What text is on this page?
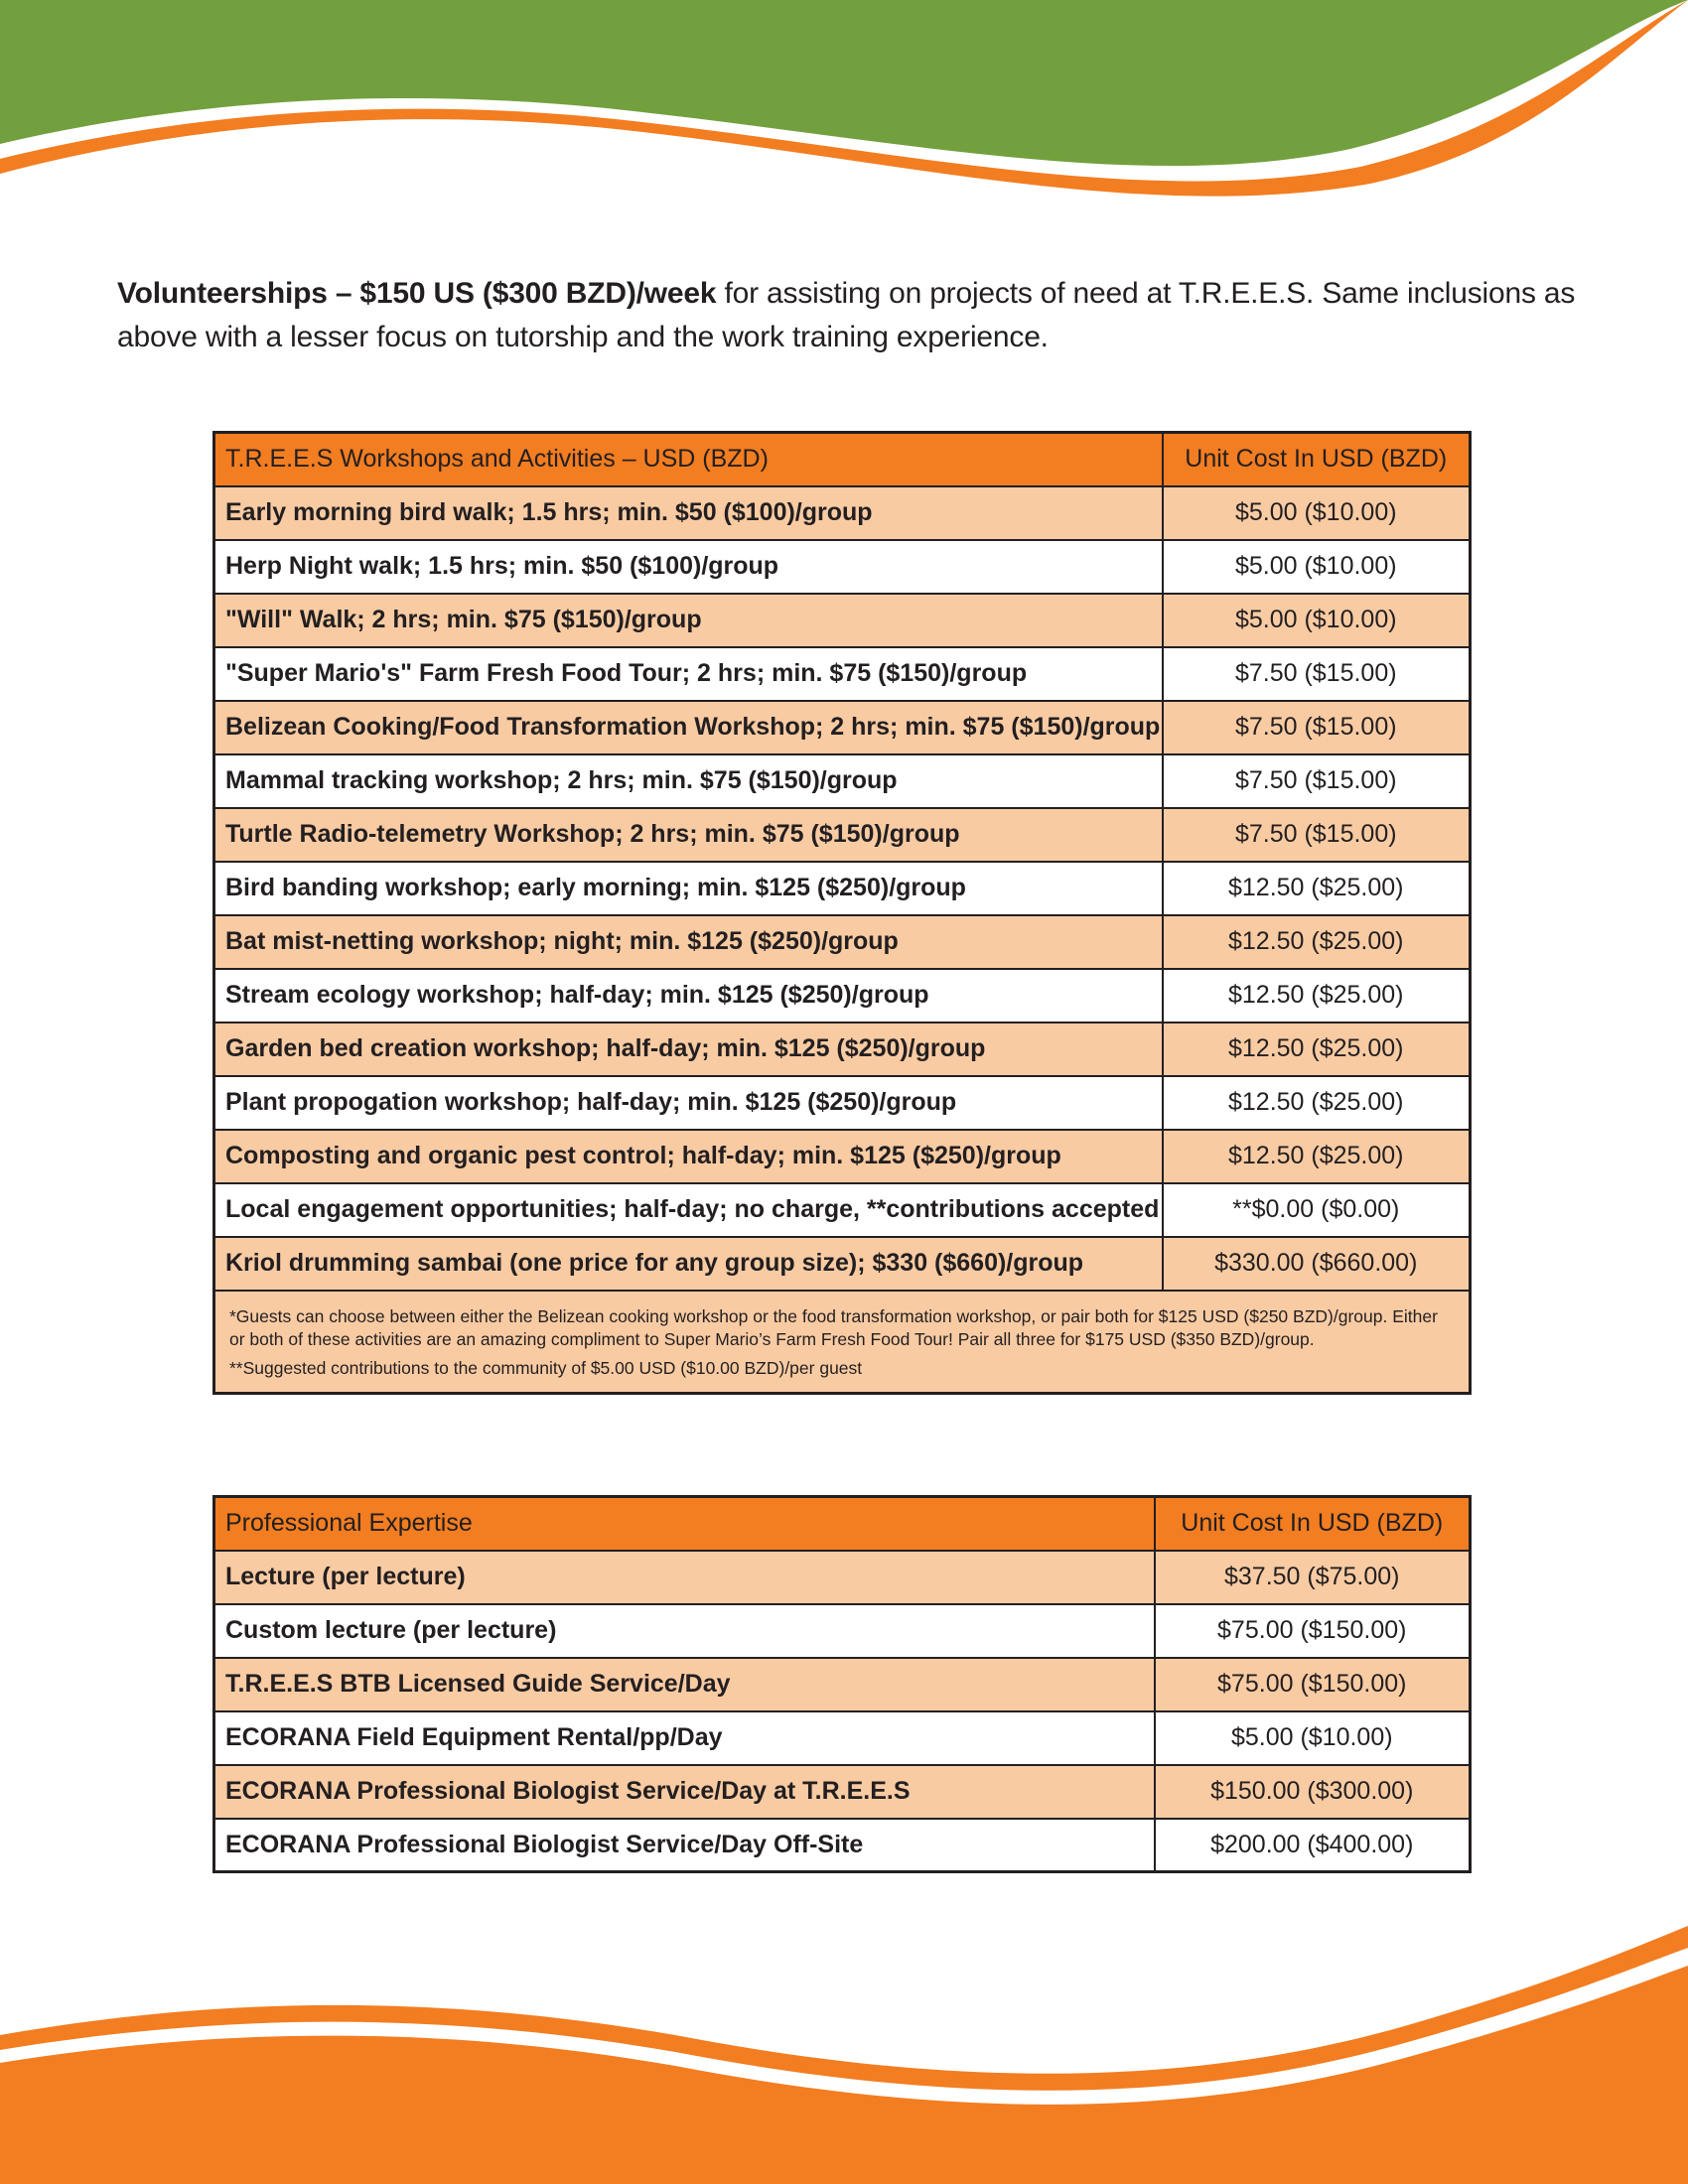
Volunteerships – $150 US ($300 BZD)/week for assisting on projects of need at T.R.E.E.S. Same inclusions as above with a lesser focus on tutorship and the work training experience.

T.R.E.E.S Workshops and Activities – USD (BZD)	Unit Cost In USD (BZD)
Early morning bird walk; 1.5 hrs; min. $50 ($100)/group	$5.00 ($10.00)
Herp Night walk; 1.5 hrs; min. $50 ($100)/group	$5.00 ($10.00)
"Will" Walk; 2 hrs; min. $75 ($150)/group	$5.00 ($10.00)
"Super Mario's" Farm Fresh Food Tour; 2 hrs; min. $75 ($150)/group	$7.50 ($15.00)
Belizean Cooking/Food Transformation Workshop; 2 hrs; min. $75 ($150)/group	$7.50 ($15.00)
Mammal tracking workshop; 2 hrs; min. $75 ($150)/group	$7.50 ($15.00)
Turtle Radio-telemetry Workshop; 2 hrs; min. $75 ($150)/group	$7.50 ($15.00)
Bird banding workshop; early morning; min. $125 ($250)/group	$12.50 ($25.00)
Bat mist-netting workshop; night; min. $125 ($250)/group	$12.50 ($25.00)
Stream ecology workshop; half-day; min. $125 ($250)/group	$12.50 ($25.00)
Garden bed creation workshop; half-day; min. $125 ($250)/group	$12.50 ($25.00)
Plant propogation workshop; half-day; min. $125 ($250)/group	$12.50 ($25.00)
Composting and organic pest control; half-day; min. $125 ($250)/group	$12.50 ($25.00)
Local engagement opportunities; half-day; no charge, **contributions accepted	**$0.00 ($0.00)
Kriol drumming sambai (one price for any group size); $330 ($660)/group	$330.00 ($660.00)

*Guests can choose between either the Belizean cooking workshop or the food transformation workshop, or pair both for $125 USD ($250 BZD)/group. Either or both of these activities are an amazing compliment to Super Mario’s Farm Fresh Food Tour! Pair all three for $175 USD ($350 BZD)/group.

**Suggested contributions to the community of $5.00 USD ($10.00 BZD)/per guest	

Professional Expertise	Unit Cost In USD (BZD)
Lecture (per lecture)	$37.50 ($75.00)
Custom lecture (per lecture)	$75.00 ($150.00)
T.R.E.E.S BTB Licensed Guide Service/Day	$75.00 ($150.00)
ECORANA Field Equipment Rental/pp/Day	$5.00 ($10.00)
ECORANA Professional Biologist Service/Day at T.R.E.E.S	$150.00 ($300.00)
ECORANA Professional Biologist Service/Day Off-Site	$200.00 ($400.00)
